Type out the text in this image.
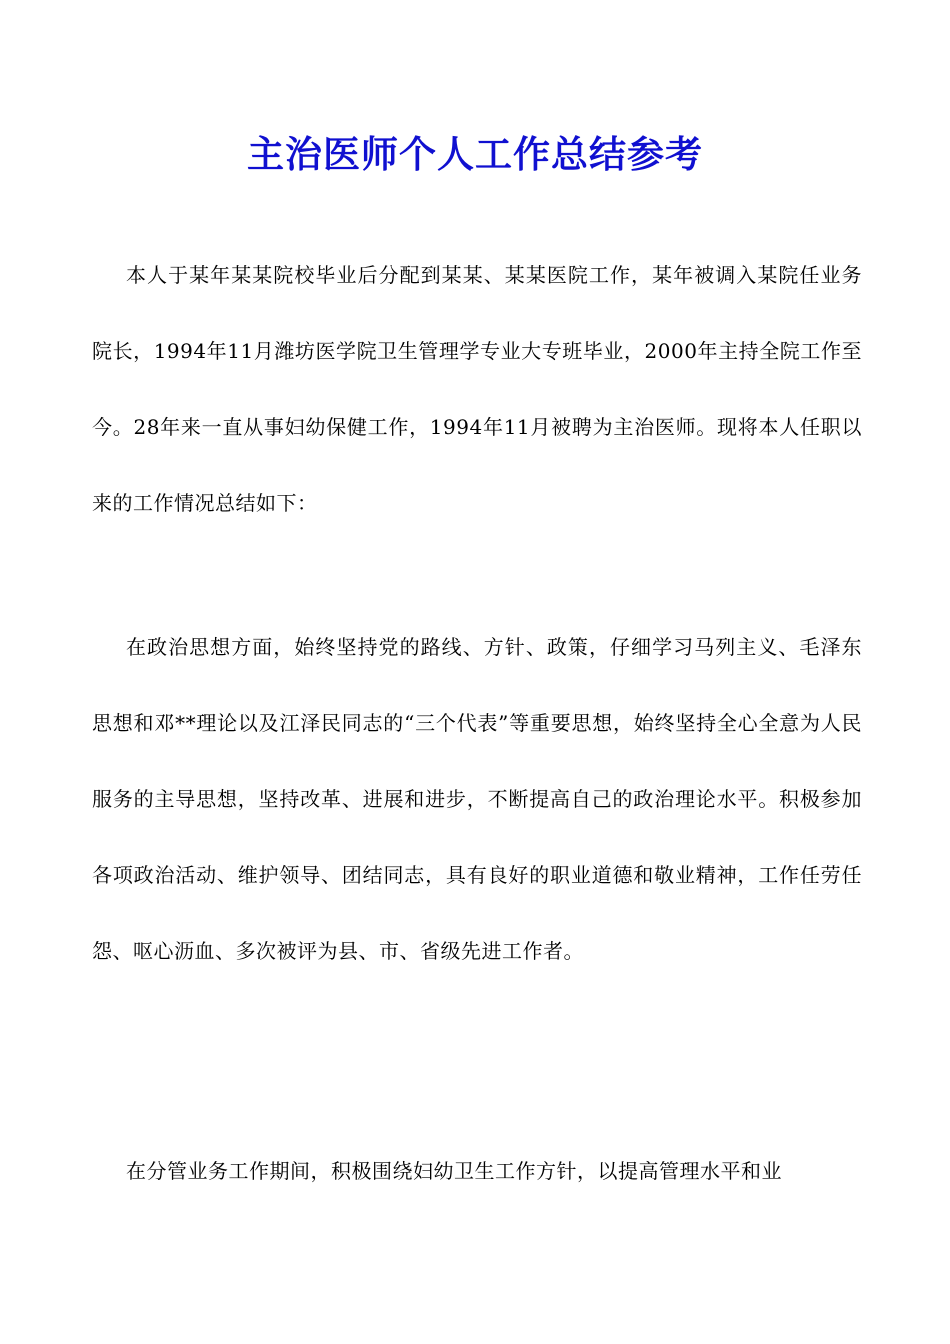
主治医师个人工作总结参考

本人于某年某某院校毕业后分配到某某、某某医院工作，某年被调入某院任业务院长，1994年11月潍坊医学院卫生管理学专业大专班毕业，2000年主持全院工作至今。28年来一直从事妇幼保健工作，1994年11月被聘为主治医师。现将本人任职以来的工作情况总结如下：

在政治思想方面，始终坚持党的路线、方针、政策，仔细学习马列主义、毛泽东思想和邓**理论以及江泽民同志的“三个代表”等重要思想，始终坚持全心全意为人民服务的主导思想，坚持改革、进展和进步，不断提高自己的政治理论水平。积极参加各项政治活动、维护领导、团结同志，具有良好的职业道德和敬业精神，工作任劳任怨、呕心沥血、多次被评为县、市、省级先进工作者。

在分管业务工作期间，积极围绕妇幼卫生工作方针，以提高管理水平和业
